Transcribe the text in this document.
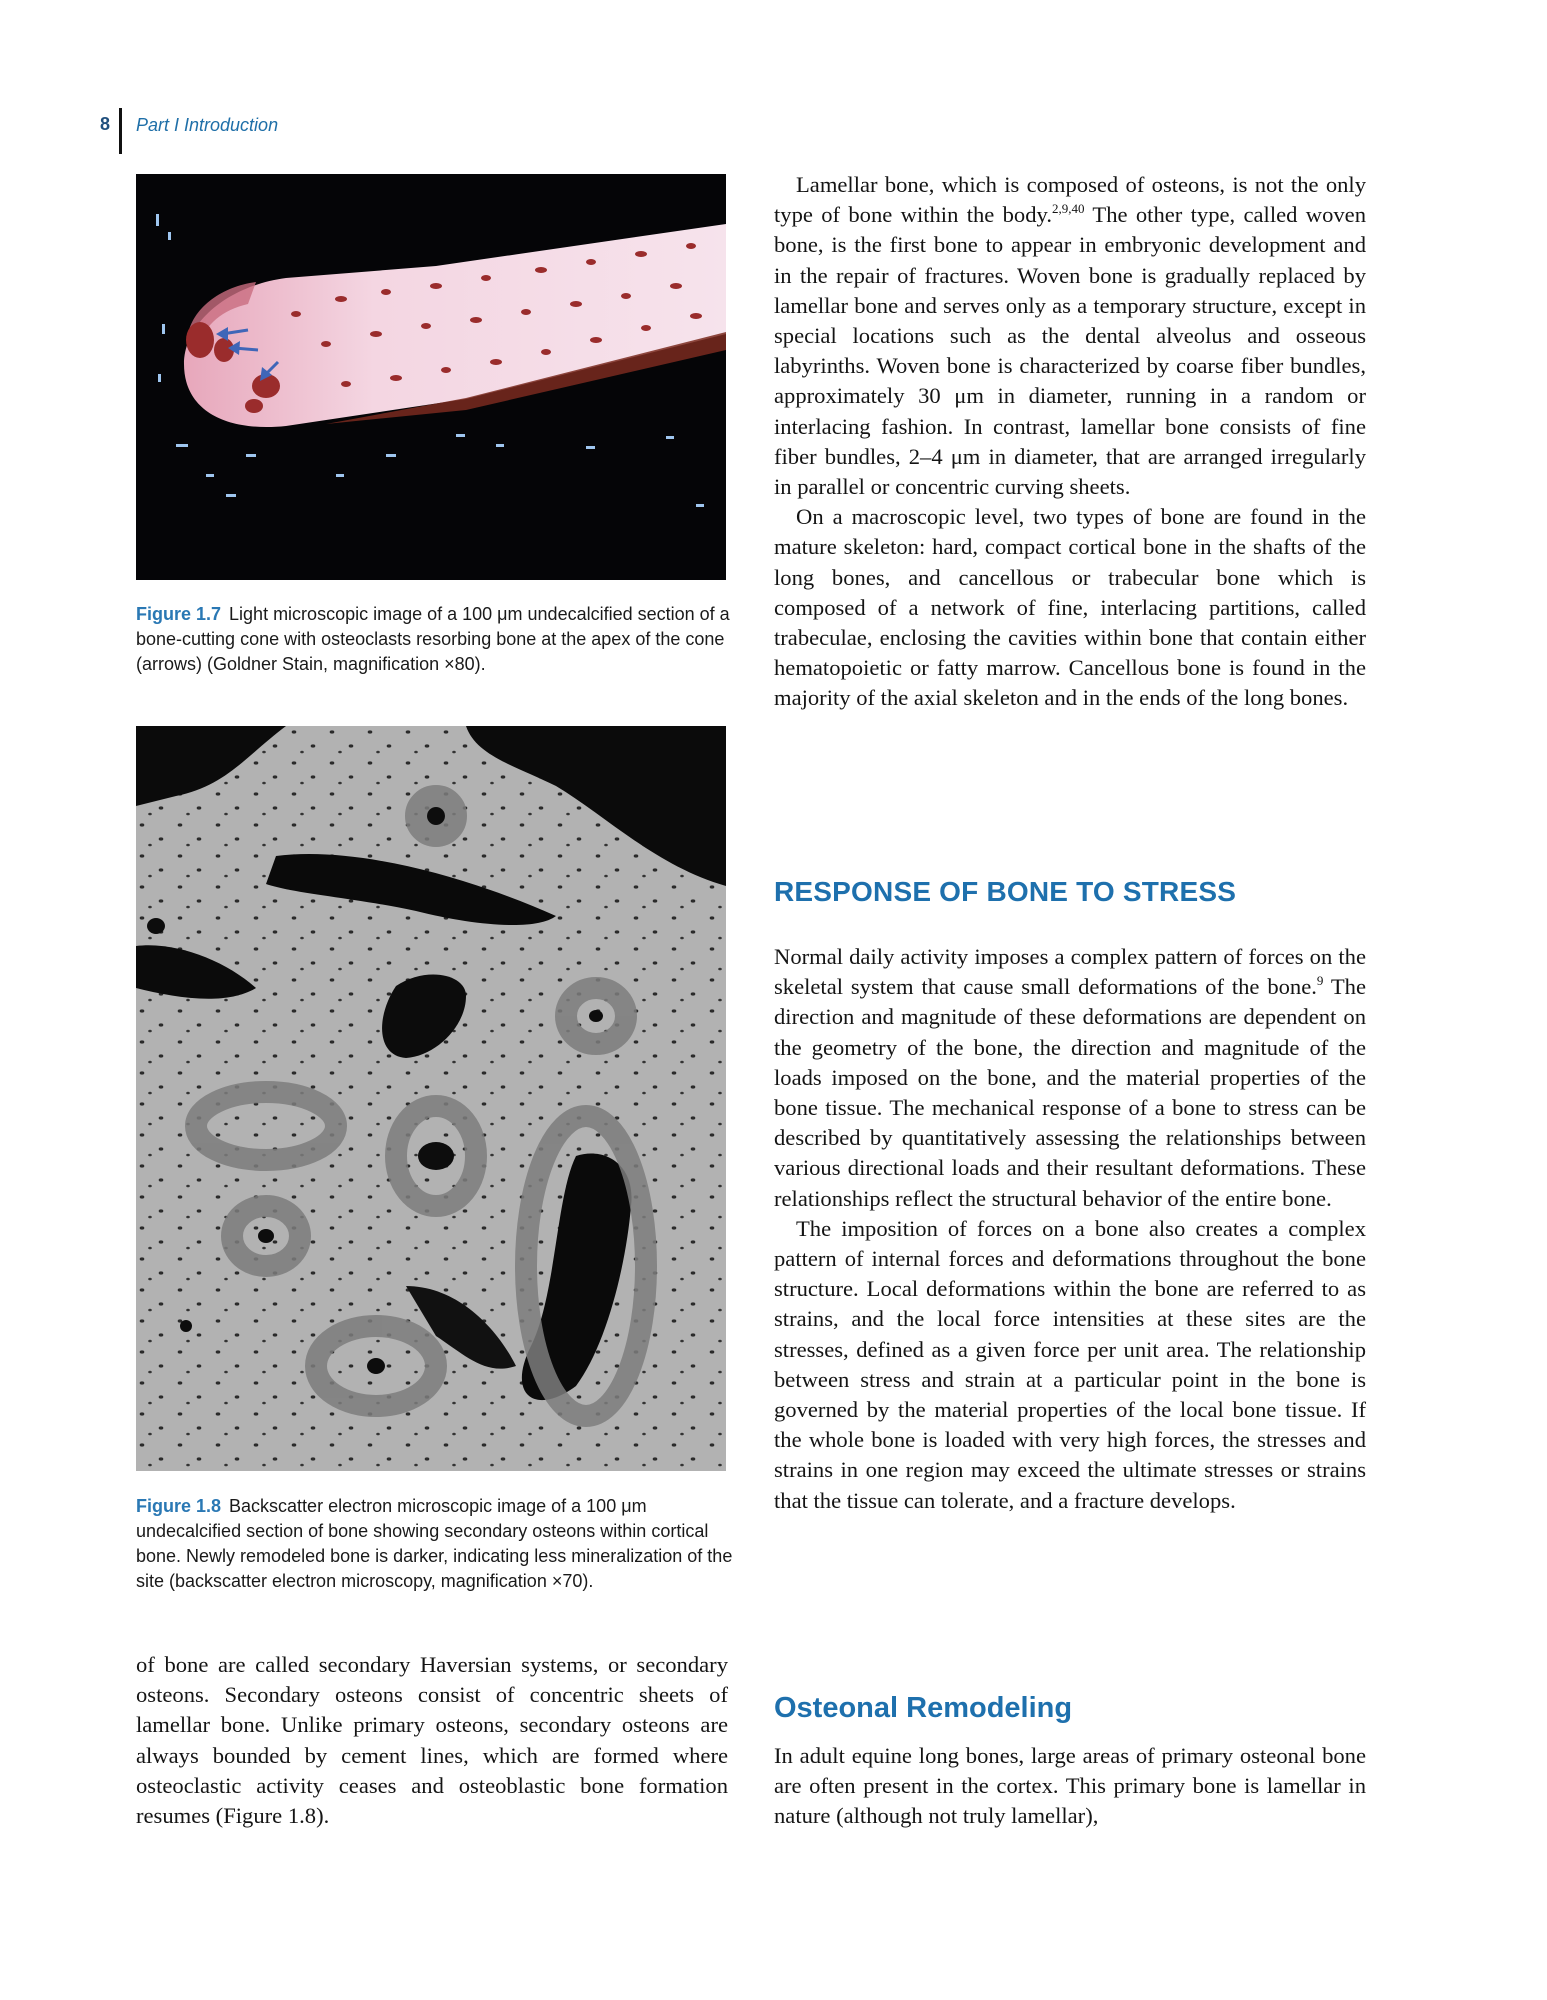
8 Part I Introduction
Figure 1.7 Light microscopic image of a 100 μm undecalcified section of a bone-cutting cone with osteoclasts resorbing bone at the apex of the cone (arrows) (Goldner Stain, magnification ×80).
Figure 1.8 Backscatter electron microscopic image of a 100 μm undecalcified section of bone showing secondary osteons within cortical bone. Newly remodeled bone is darker, indicating less mineralization of the site (backscatter electron microscopy, magnification ×70).

of bone are called secondary Haversian systems, or secondary osteons. Secondary osteons consist of concentric sheets of lamellar bone. Unlike primary osteons, secondary osteons are always bounded by cement lines, which are formed where osteoclastic activity ceases and osteoblastic bone formation resumes (Figure 1.8).

Lamellar bone, which is composed of osteons, is not the only type of bone within the body.$^{2,9,40}$ The other type, called woven bone, is the first bone to appear in embryonic development and in the repair of fractures. Woven bone is gradually replaced by lamellar bone and serves only as a temporary structure, except in special locations such as the dental alveolus and osseous labyrinths. Woven bone is characterized by coarse fiber bundles, approximately 30 μm in diameter, running in a random or interlacing fashion. In contrast, lamellar bone consists of fine fiber bundles, 2–4 μm in diameter, that are arranged irregularly in parallel or concentric curving sheets.

On a macroscopic level, two types of bone are found in the mature skeleton: hard, compact cortical bone in the shafts of the long bones, and cancellous or trabecular bone which is composed of a network of fine, interlacing partitions, called trabeculae, enclosing the cavities within bone that contain either hematopoietic or fatty marrow. Cancellous bone is found in the majority of the axial skeleton and in the ends of the long bones.

RESPONSE OF BONE TO STRESS

Normal daily activity imposes a complex pattern of forces on the skeletal system that cause small deformations of the bone.$^9$ The direction and magnitude of these deformations are dependent on the geometry of the bone, the direction and magnitude of the loads imposed on the bone, and the material properties of the bone tissue. The mechanical response of a bone to stress can be described by quantitatively assessing the relationships between various directional loads and their resultant deformations. These relationships reflect the structural behavior of the entire bone.

The imposition of forces on a bone also creates a complex pattern of internal forces and deformations throughout the bone structure. Local deformations within the bone are referred to as strains, and the local force intensities at these sites are the stresses, defined as a given force per unit area. The relationship between stress and strain at a particular point in the bone is governed by the material properties of the local bone tissue. If the whole bone is loaded with very high forces, the stresses and strains in one region may exceed the ultimate stresses or strains that the tissue can tolerate, and a fracture develops.

Osteonal Remodeling

In adult equine long bones, large areas of primary osteonal bone are often present in the cortex. This primary bone is lamellar in nature (although not truly lamellar),
